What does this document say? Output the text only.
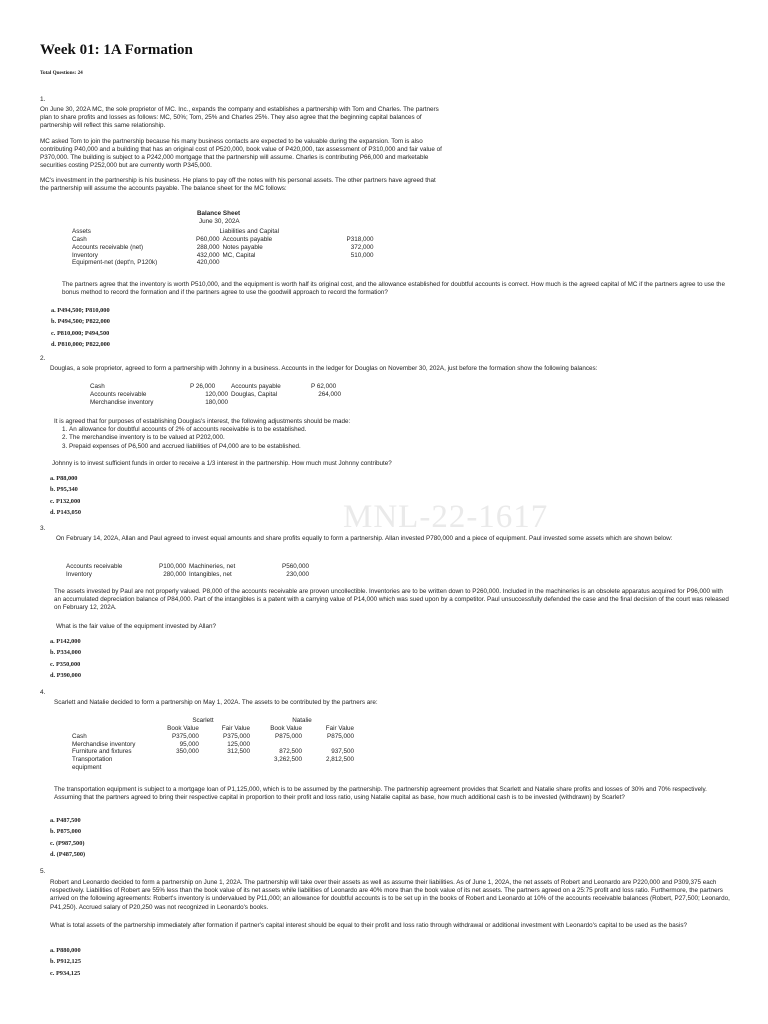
MNL-22-1617
Week 01: 1A Formation
Total Questions: 24
1.

On June 30, 202A MC, the sole proprietor of MC. Inc., expands the company and establishes a partnership with Tom and Charles. The partners plan to share profits and losses as follows: MC, 50%; Tom, 25% and Charles 25%. They also agree that the beginning capital balances of partnership will reflect this same relationship.

MC asked Tom to join the partnership because his many business contacts are expected to be valuable during the expansion. Tom is also contributing P40,000 and a building that has an original cost of P520,000, book value of P420,000, tax assessment of P310,000 and fair value of P370,000. The building is subject to a P242,000 mortgage that the partnership will assume. Charles is contributing P66,000 and marketable securities costing P252,000 but are currently worth P345,000.

MC's investment in the partnership is his business. He plans to pay off the notes with his personal assets. The other partners have agreed that the partnership will assume the accounts payable. The balance sheet for the MC follows:

Balance Sheet
June 30, 202A
Assets		Liabilities and Capital	
Cash	P60,000	Accounts payable	P318,000
Accounts receivable (net)	288,000	Notes payable	372,000
Inventory	432,000	MC, Capital	510,000
Equipment-net (dept'n, P120k)	420,000		

The partners agree that the inventory is worth P510,000, and the equipment is worth half its original cost, and the allowance established for doubtful accounts is correct. How much is the agreed capital of MC if the partners agree to use the bonus method to record the formation and if the partners agree to use the goodwill approach to record the formation?

a. P494,500; P810,000
b. P494,500; P822,000
c. P810,000; P494,500
d. P810,000; P822,000
2.

Douglas, a sole proprietor, agreed to form a partnership with Johnny in a business. Accounts in the ledger for Douglas on November 30, 202A, just before the formation show the following balances:

Cash	P 26,000	Accounts payable	P 62,000
Accounts receivable	120,000	Douglas, Capital	264,000
Merchandise inventory	180,000		

It is agreed that for purposes of establishing Douglas's interest, the following adjustments should be made:

1. An allowance for doubtful accounts of 2% of accounts receivable is to be established.
2. The merchandise inventory is to be valued at P202,000.
3. Prepaid expenses of P6,500 and accrued liabilities of P4,000 are to be established.

Johnny is to invest sufficient funds in order to receive a 1/3 interest in the partnership. How much must Johnny contribute?

a. P88,000
b. P95,340
c. P132,000
d. P143,050
3.

On February 14, 202A, Allan and Paul agreed to invest equal amounts and share profits equally to form a partnership. Allan invested P780,000 and a piece of equipment. Paul invested some assets which are shown below:

Accounts receivable	P100,000	Machineries, net	P560,000
Inventory	280,000	Intangibles, net	230,000

The assets invested by Paul are not properly valued. P8,000 of the accounts receivable are proven uncollectible. Inventories are to be written down to P260,000. Included in the machineries is an obsolete apparatus acquired for P96,000 with an accumulated depreciation balance of P84,000. Part of the intangibles is a patent with a carrying value of P14,000 which was sued upon by a competitor. Paul unsuccessfully defended the case and the final decision of the court was released on February 12, 202A.

What is the fair value of the equipment invested by Allan?

a. P142,000
b. P334,000
c. P350,000
d. P390,000
4.

Scarlett and Natalie decided to form a partnership on May 1, 202A. The assets to be contributed by the partners are:

	Scarlett		Natalie	
	Book Value	Fair Value	Book Value	Fair Value
Cash	P375,000	P375,000	P875,000	P875,000
Merchandise inventory	95,000	125,000		
Furniture and fixtures	350,000	312,500	872,500	937,500
Transportation			3,262,500	2,812,500
equipment				

The transportation equipment is subject to a mortgage loan of P1,125,000, which is to be assumed by the partnership. The partnership agreement provides that Scarlett and Natalie share profits and losses of 30% and 70% respectively. Assuming that the partners agreed to bring their respective capital in proportion to their profit and loss ratio, using Natalie capital as base, how much additional cash is to be invested (withdrawn) by Scarlet?

a. P487,500
b. P875,000
c. (P987,500)
d. (P487,500)
5.

Robert and Leonardo decided to form a partnership on June 1, 202A. The partnership will take over their assets as well as assume their liabilities. As of June 1, 202A, the net assets of Robert and Leonardo are P220,000 and P309,375 each respectively. Liabilities of Robert are 55% less than the book value of its net assets while liabilities of Leonardo are 40% more than the book value of its net assets. The partners agreed on a 25:75 profit and loss ratio. Furthermore, the partners arrived on the following agreements: Robert's inventory is undervalued by P11,000; an allowance for doubtful accounts is to be set up in the books of Robert and Leonardo at 10% of the accounts receivable balances (Robert, P27,500; Leonardo, P41,250). Accrued salary of P20,250 was not recognized in Leonardo's books.

What is total assets of the partnership immediately after formation if partner's capital interest should be equal to their profit and loss ratio through withdrawal or additional investment with Leonardo's capital to be used as the basis?

a. P880,000
b. P912,125
c. P934,125
